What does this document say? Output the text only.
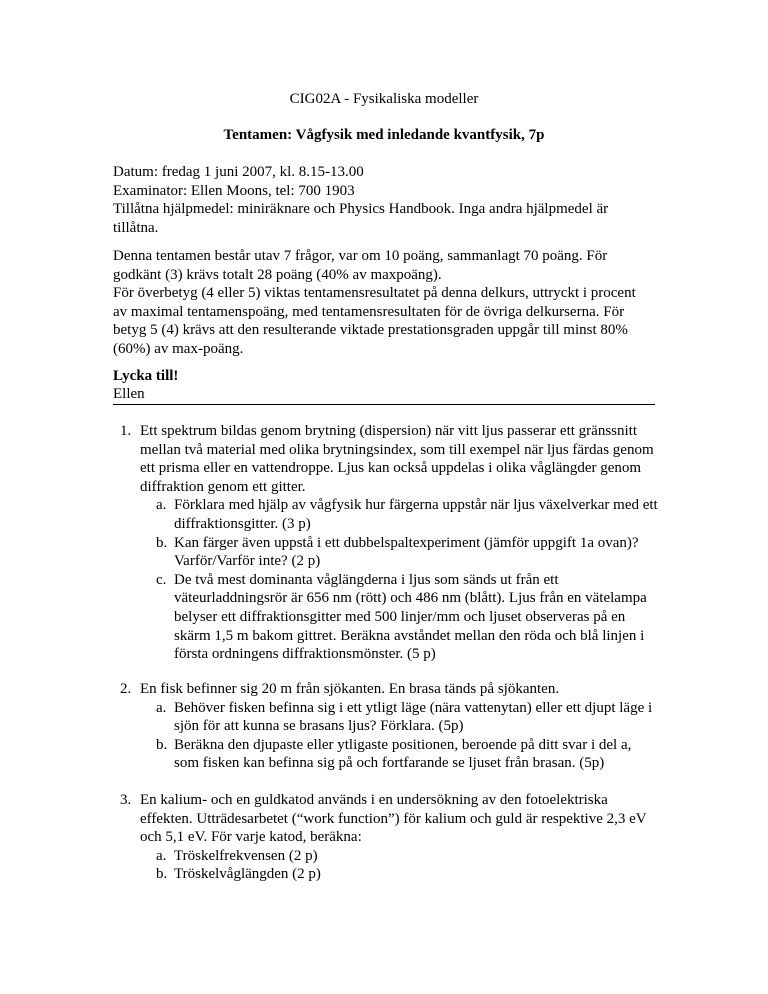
CIG02A - Fysikaliska modeller
Tentamen: Vågfysik med inledande kvantfysik, 7p

Datum: fredag 1 juni 2007, kl. 8.15-13.00

Examinator: Ellen Moons, tel: 700 1903

Tillåtna hjälpmedel: miniräknare och Physics Handbook. Inga andra hjälpmedel är tillåtna.

Denna tentamen består utav 7 frågor, var om 10 poäng, sammanlagt 70 poäng. För godkänt (3) krävs totalt 28 poäng (40% av maxpoäng).

För överbetyg (4 eller 5) viktas tentamensresultatet på denna delkurs, uttryckt i procent av maximal tentamenspoäng, med tentamensresultaten för de övriga delkurserna. För betyg 5 (4) krävs att den resulterande viktade prestationsgraden uppgår till minst 80% (60%) av max-poäng.

Lycka till!
Ellen
1. Ett spektrum bildas genom brytning (dispersion) när vitt ljus passerar ett gränssnitt mellan två material med olika brytningsindex, som till exempel när ljus färdas genom ett prisma eller en vattendroppe. Ljus kan också uppdelas i olika våglängder genom diffraktion genom ett gitter.

a. Förklara med hjälp av vågfysik hur färgerna uppstår när ljus växelverkar med ett diffraktionsgitter. (3 p)

b. Kan färger även uppstå i ett dubbelspaltexperiment (jämför uppgift 1a ovan)? Varför/Varför inte? (2 p)

c. De två mest dominanta våglängderna i ljus som sänds ut från ett väteurladdningsrör är 656 nm (rött) och 486 nm (blått). Ljus från en vätelampa belyser ett diffraktionsgitter med 500 linjer/mm och ljuset observeras på en skärm 1,5 m bakom gittret. Beräkna avståndet mellan den röda och blå linjen i första ordningens diffraktionsmönster. (5 p)

2. En fisk befinner sig 20 m från sjökanten. En brasa tänds på sjökanten.

a. Behöver fisken befinna sig i ett ytligt läge (nära vattenytan) eller ett djupt läge i sjön för att kunna se brasans ljus? Förklara. (5p)

b. Beräkna den djupaste eller ytligaste positionen, beroende på ditt svar i del a, som fisken kan befinna sig på och fortfarande se ljuset från brasan. (5p)

3. En kalium- och en guldkatod används i en undersökning av den fotoelektriska effekten. Utträdesarbetet (“work function”) för kalium och guld är respektive 2,3 eV och 5,1 eV. För varje katod, beräkna:

a. Tröskelfrekvensen (2 p)

b. Tröskelvåglängden (2 p)
